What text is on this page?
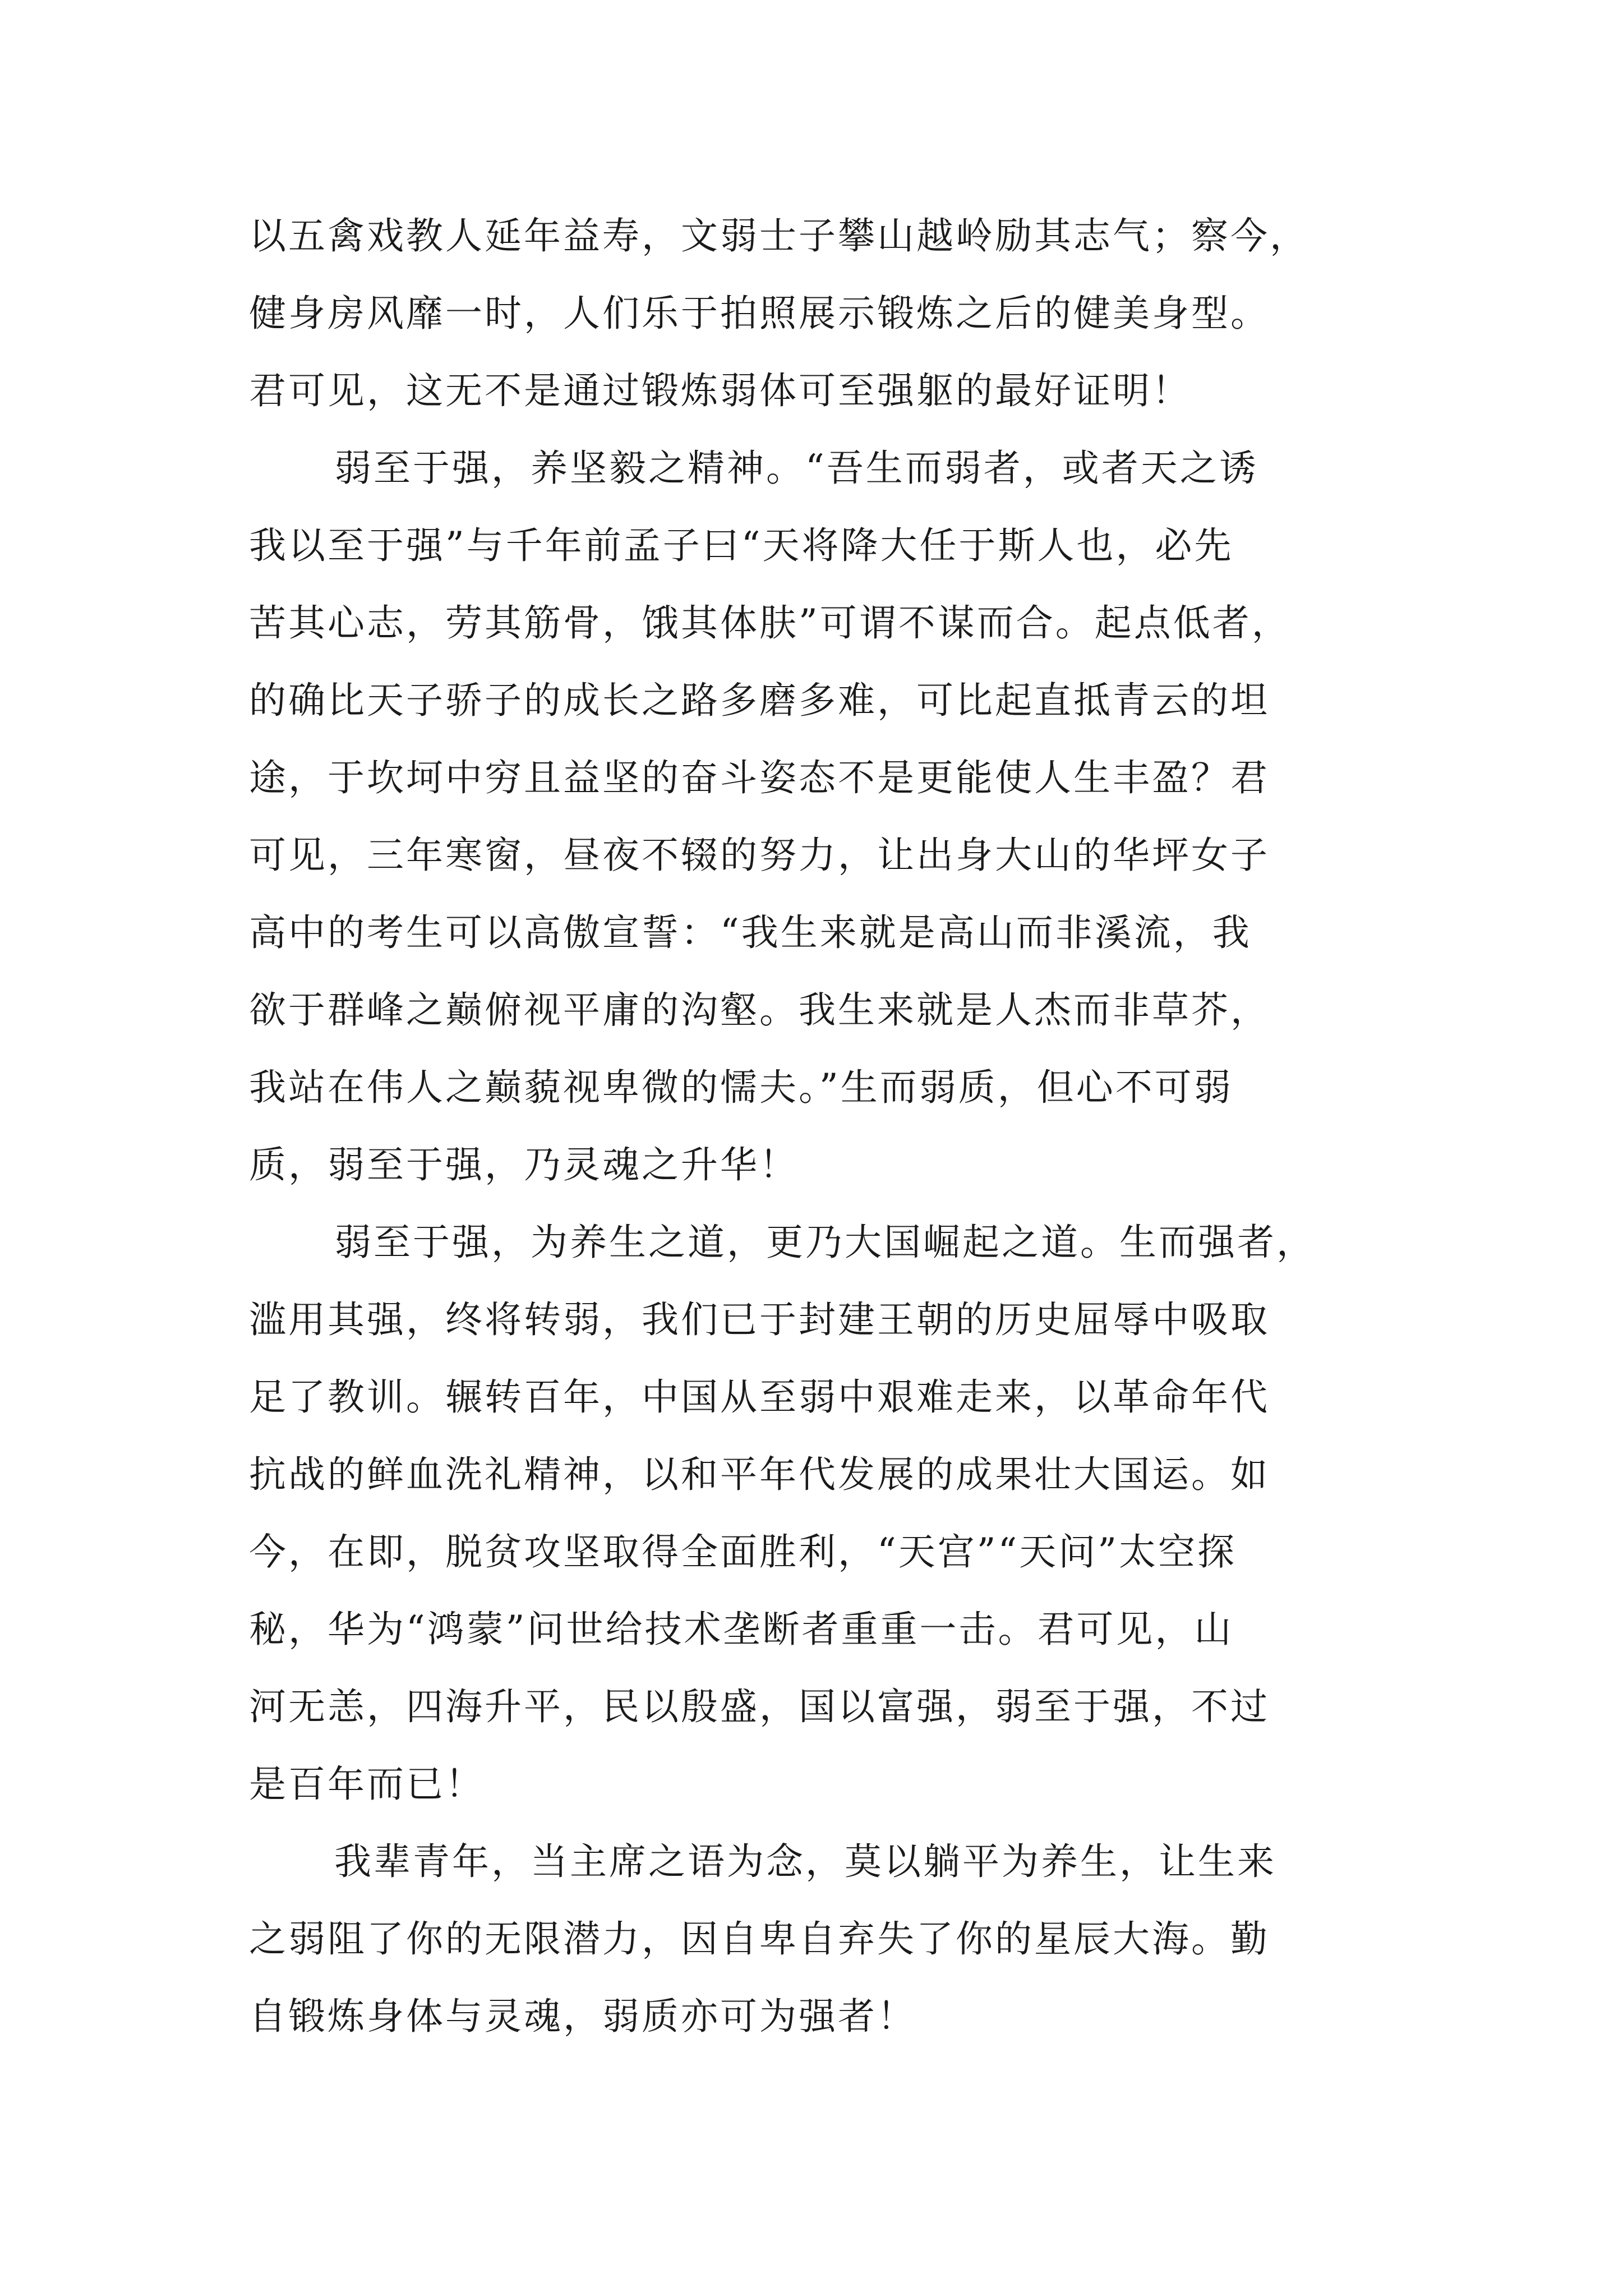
以五禽戏教人延年益寿，文弱士子攀山越岭励其志气；察今，
健身房风靡一时，人们乐于拍照展示锻炼之后的健美身型。
君可见，这无不是通过锻炼弱体可至强躯的最好证明！

弱至于强，养坚毅之精神。“吾生而弱者，或者天之诱
我以至于强”与千年前孟子曰“天将降大任于斯人也，必先
苦其心志，劳其筋骨，饿其体肤”可谓不谋而合。起点低者，
的确比天子骄子的成长之路多磨多难，可比起直抵青云的坦
途，于坎坷中穷且益坚的奋斗姿态不是更能使人生丰盈？君
可见，三年寒窗，昼夜不辍的努力，让出身大山的华坪女子
高中的考生可以高傲宣誓：“我生来就是高山而非溪流，我
欲于群峰之巅俯视平庸的沟壑。我生来就是人杰而非草芥，
我站在伟人之巅藐视卑微的懦夫。”生而弱质，但心不可弱
质，弱至于强，乃灵魂之升华！

弱至于强，为养生之道，更乃大国崛起之道。生而强者，
滥用其强，终将转弱，我们已于封建王朝的历史屈辱中吸取
足了教训。辗转百年，中国从至弱中艰难走来，以革命年代
抗战的鲜血洗礼精神，以和平年代发展的成果壮大国运。如
今，在即，脱贫攻坚取得全面胜利，“天宫”“天问”太空探
秘，华为“鸿蒙”问世给技术垄断者重重一击。君可见，山
河无恙，四海升平，民以殷盛，国以富强，弱至于强，不过
是百年而已！

我辈青年，当主席之语为念，莫以躺平为养生，让生来
之弱阻了你的无限潜力，因自卑自弃失了你的星辰大海。勤
自锻炼身体与灵魂，弱质亦可为强者！
